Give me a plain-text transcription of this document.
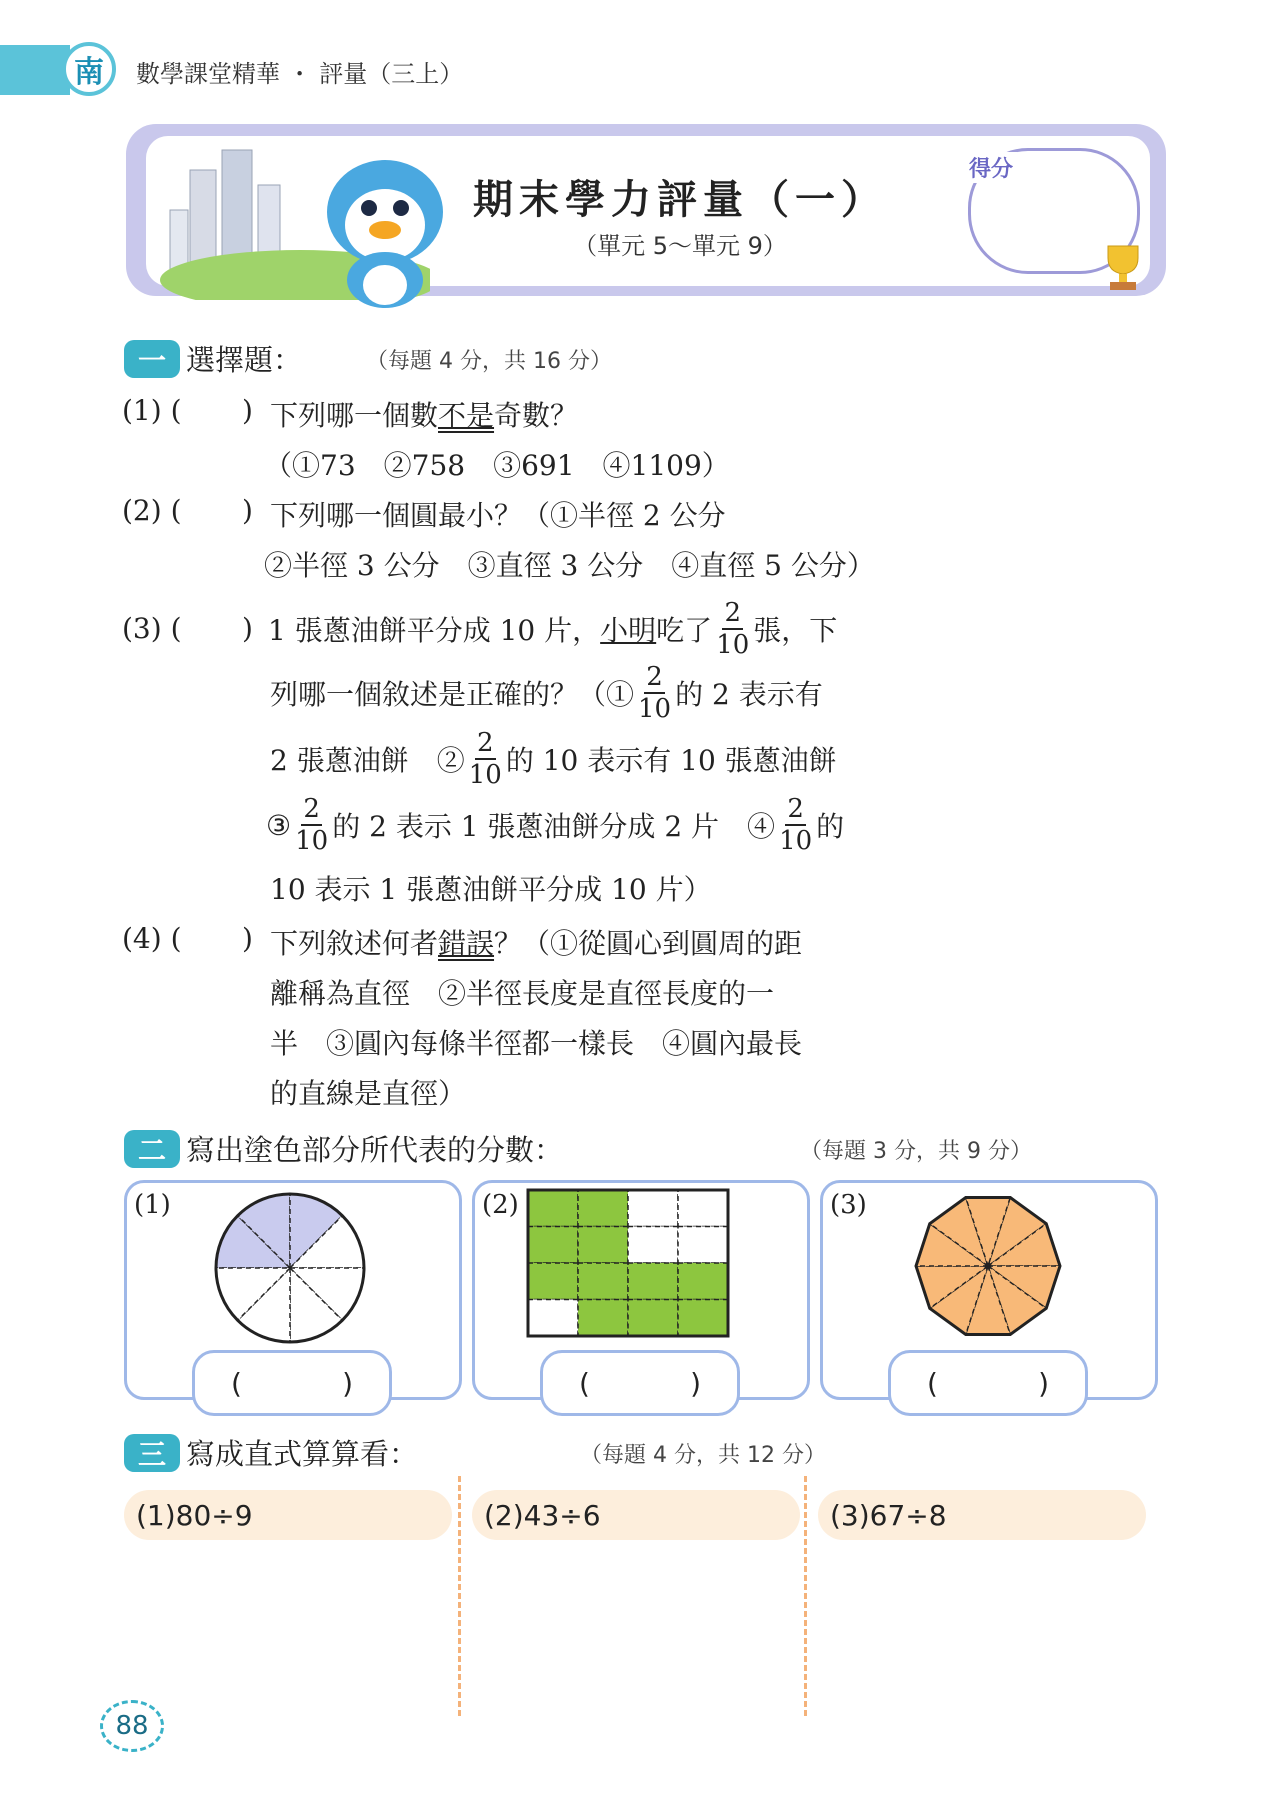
南	數學課堂精華 ・ 評量（三上）
期末學力評量（一）
（單元 5～單元 9）
得分
一 選擇題：	（每題 4 分，共 16 分）
(1) ( ) 下列哪一個數不是奇數？
（①73　②758　③691　④1109）
(2) ( ) 下列哪一個圓最小？（①半徑 2 公分
②半徑 3 公分　③直徑 3 公分　④直徑 5 公分）
(3) ( ) 1 張蔥油餅平分成 10 片， 小明 吃了 $\frac{2}{10}$ 張，下
列哪一個敘述是正確的？（① $\frac{2}{10}$ 的 2 表示有
2 張蔥油餅　② $\frac{2}{10}$ 的 10 表示有 10 張蔥油餅
③ $\frac{2}{10}$ 的 2 表示 1 張蔥油餅分成 2 片　④ $\frac{2}{10}$ 的
10 表示 1 張蔥油餅平分成 10 片）
(4) ( ) 下列敘述何者錯誤？（①從圓心到圓周的距
離稱為直徑　②半徑長度是直徑長度的一
半　③圓內每條半徑都一樣長　④圓內最長
的直線是直徑）
二 寫出塗色部分所代表的分數：	（每題 3 分，共 9 分）
(1)	(2)	(3)
(	)	(	)	(	)
三 寫成直式算算看：	（每題 4 分，共 12 分）
(1)80÷9	(2)43÷6	(3)67÷8
88
